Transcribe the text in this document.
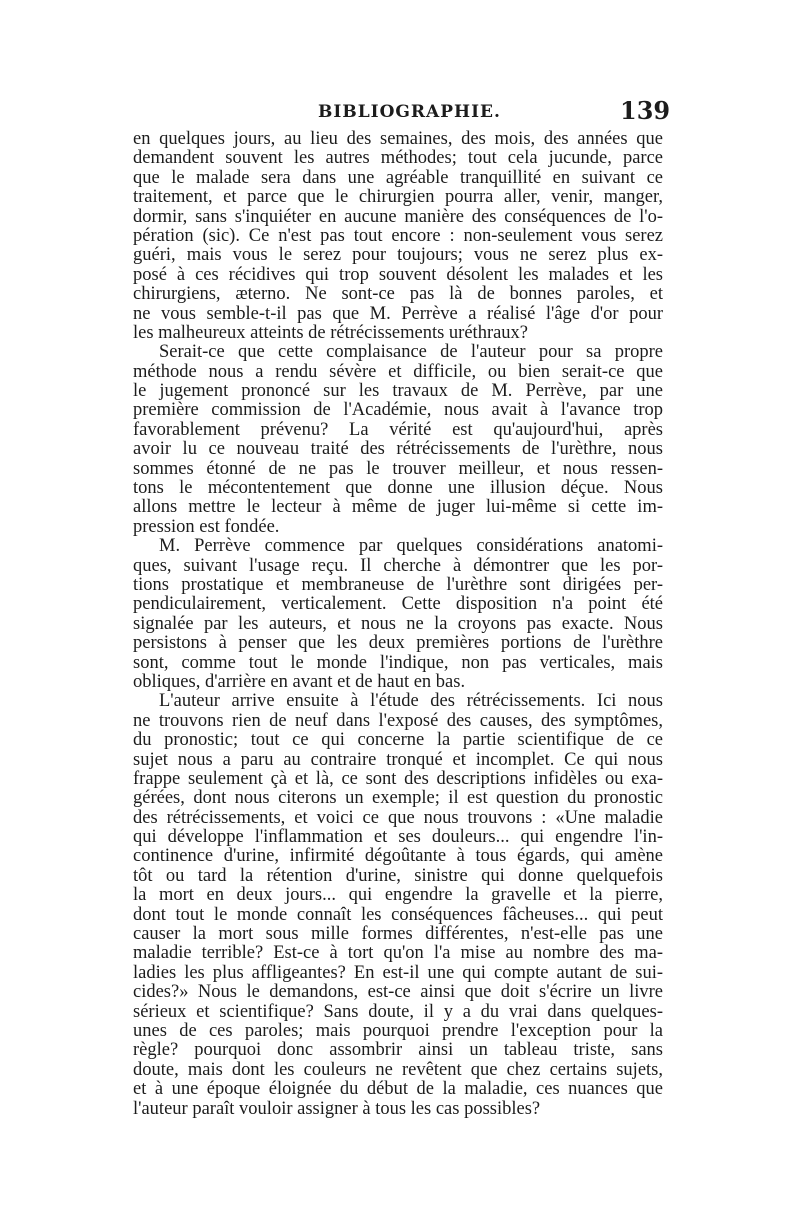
BIBLIOGRAPHIE.	139
en quelques jours, au lieu des semaines, des mois, des années que
demandent souvent les autres méthodes; tout cela jucunde, parce
que le malade sera dans une agréable tranquillité en suivant ce
traitement, et parce que le chirurgien pourra aller, venir, manger,
dormir, sans s'inquiéter en aucune manière des conséquences de l'o-
pération (sic). Ce n'est pas tout encore : non-seulement vous serez
guéri, mais vous le serez pour toujours; vous ne serez plus ex-
posé à ces récidives qui trop souvent désolent les malades et les
chirurgiens, æterno. Ne sont-ce pas là de bonnes paroles, et
ne vous semble-t-il pas que M. Perrève a réalisé l'âge d'or pour
les malheureux atteints de rétrécissements uréthraux?
Serait-ce que cette complaisance de l'auteur pour sa propre
méthode nous a rendu sévère et difficile, ou bien serait-ce que
le jugement prononcé sur les travaux de M. Perrève, par une
première commission de l'Académie, nous avait à l'avance trop
favorablement prévenu? La vérité est qu'aujourd'hui, après
avoir lu ce nouveau traité des rétrécissements de l'urèthre, nous
sommes étonné de ne pas le trouver meilleur, et nous ressen-
tons le mécontentement que donne une illusion déçue. Nous
allons mettre le lecteur à même de juger lui-même si cette im-
pression est fondée.
M. Perrève commence par quelques considérations anatomi-
ques, suivant l'usage reçu. Il cherche à démontrer que les por-
tions prostatique et membraneuse de l'urèthre sont dirigées per-
pendiculairement, verticalement. Cette disposition n'a point été
signalée par les auteurs, et nous ne la croyons pas exacte. Nous
persistons à penser que les deux premières portions de l'urèthre
sont, comme tout le monde l'indique, non pas verticales, mais
obliques, d'arrière en avant et de haut en bas.
L'auteur arrive ensuite à l'étude des rétrécissements. Ici nous
ne trouvons rien de neuf dans l'exposé des causes, des symptômes,
du pronostic; tout ce qui concerne la partie scientifique de ce
sujet nous a paru au contraire tronqué et incomplet. Ce qui nous
frappe seulement çà et là, ce sont des descriptions infidèles ou exa-
gérées, dont nous citerons un exemple; il est question du pronostic
des rétrécissements, et voici ce que nous trouvons : «Une maladie
qui développe l'inflammation et ses douleurs... qui engendre l'in-
continence d'urine, infirmité dégoûtante à tous égards, qui amène
tôt ou tard la rétention d'urine, sinistre qui donne quelquefois
la mort en deux jours... qui engendre la gravelle et la pierre,
dont tout le monde connaît les conséquences fâcheuses... qui peut
causer la mort sous mille formes différentes, n'est-elle pas une
maladie terrible? Est-ce à tort qu'on l'a mise au nombre des ma-
ladies les plus affligeantes? En est-il une qui compte autant de sui-
cides?» Nous le demandons, est-ce ainsi que doit s'écrire un livre
sérieux et scientifique? Sans doute, il y a du vrai dans quelques-
unes de ces paroles; mais pourquoi prendre l'exception pour la
règle? pourquoi donc assombrir ainsi un tableau triste, sans
doute, mais dont les couleurs ne revêtent que chez certains sujets,
et à une époque éloignée du début de la maladie, ces nuances que
l'auteur paraît vouloir assigner à tous les cas possibles?
